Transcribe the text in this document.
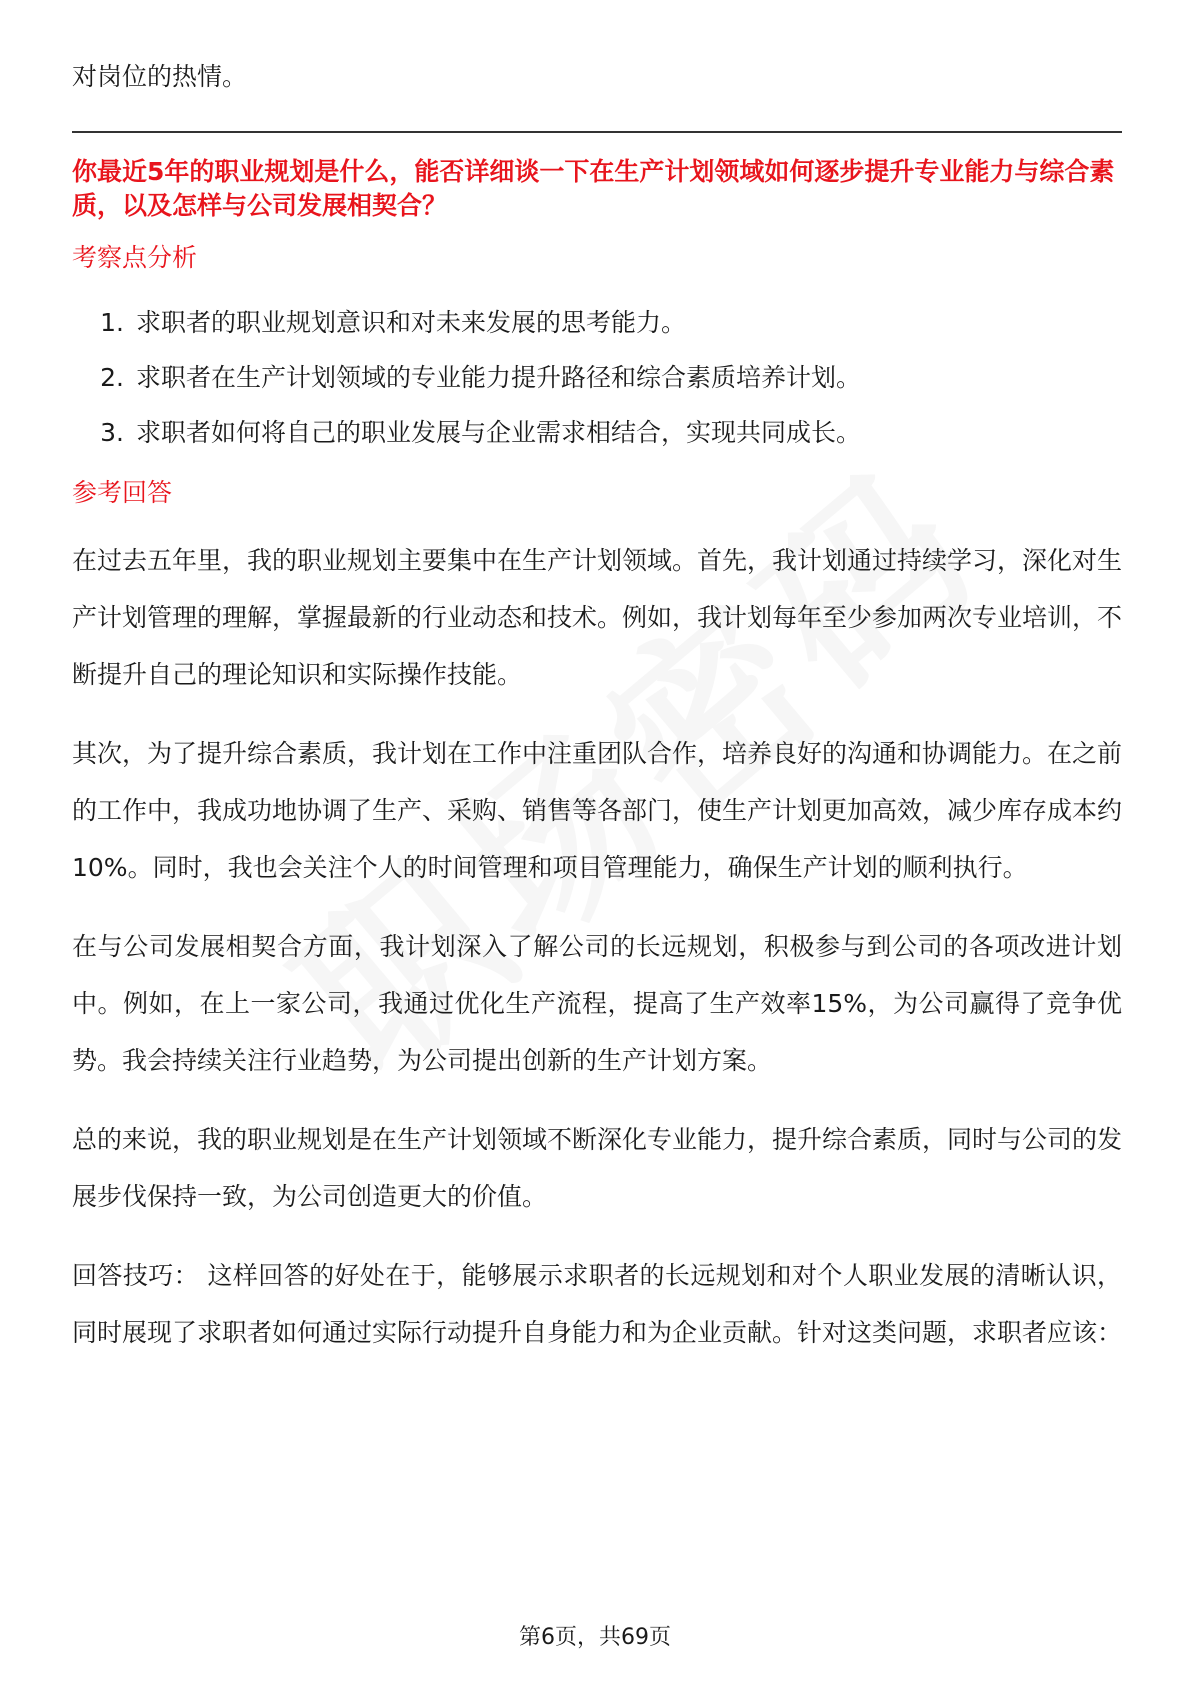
对岗位的热情。

你最近5年的职业规划是什么，能否详细谈一下在生产计划领域如何逐步提升专业能力与综合素质，以及怎样与公司发展相契合？

考察点分析

1. 求职者的职业规划意识和对未来发展的思考能力。
2. 求职者在生产计划领域的专业能力提升路径和综合素质培养计划。
3. 求职者如何将自己的职业发展与企业需求相结合，实现共同成长。

参考回答

在过去五年里，我的职业规划主要集中在生产计划领域。首先，我计划通过持续学习，深化对生产计划管理的理解，掌握最新的行业动态和技术。例如，我计划每年至少参加两次专业培训，不断提升自己的理论知识和实际操作技能。

其次，为了提升综合素质，我计划在工作中注重团队合作，培养良好的沟通和协调能力。在之前的工作中，我成功地协调了生产、采购、销售等各部门，使生产计划更加高效，减少库存成本约10%。同时，我也会关注个人的时间管理和项目管理能力，确保生产计划的顺利执行。

在与公司发展相契合方面，我计划深入了解公司的长远规划，积极参与到公司的各项改进计划中。例如，在上一家公司，我通过优化生产流程，提高了生产效率15%，为公司赢得了竞争优势。我会持续关注行业趋势，为公司提出创新的生产计划方案。

总的来说，我的职业规划是在生产计划领域不断深化专业能力，提升综合素质，同时与公司的发展步伐保持一致，为公司创造更大的价值。

回答技巧： 这样回答的好处在于，能够展示求职者的长远规划和对个人职业发展的清晰认识，同时展现了求职者如何通过实际行动提升自身能力和为企业贡献。针对这类问题，求职者应该：

第6页，共69页
